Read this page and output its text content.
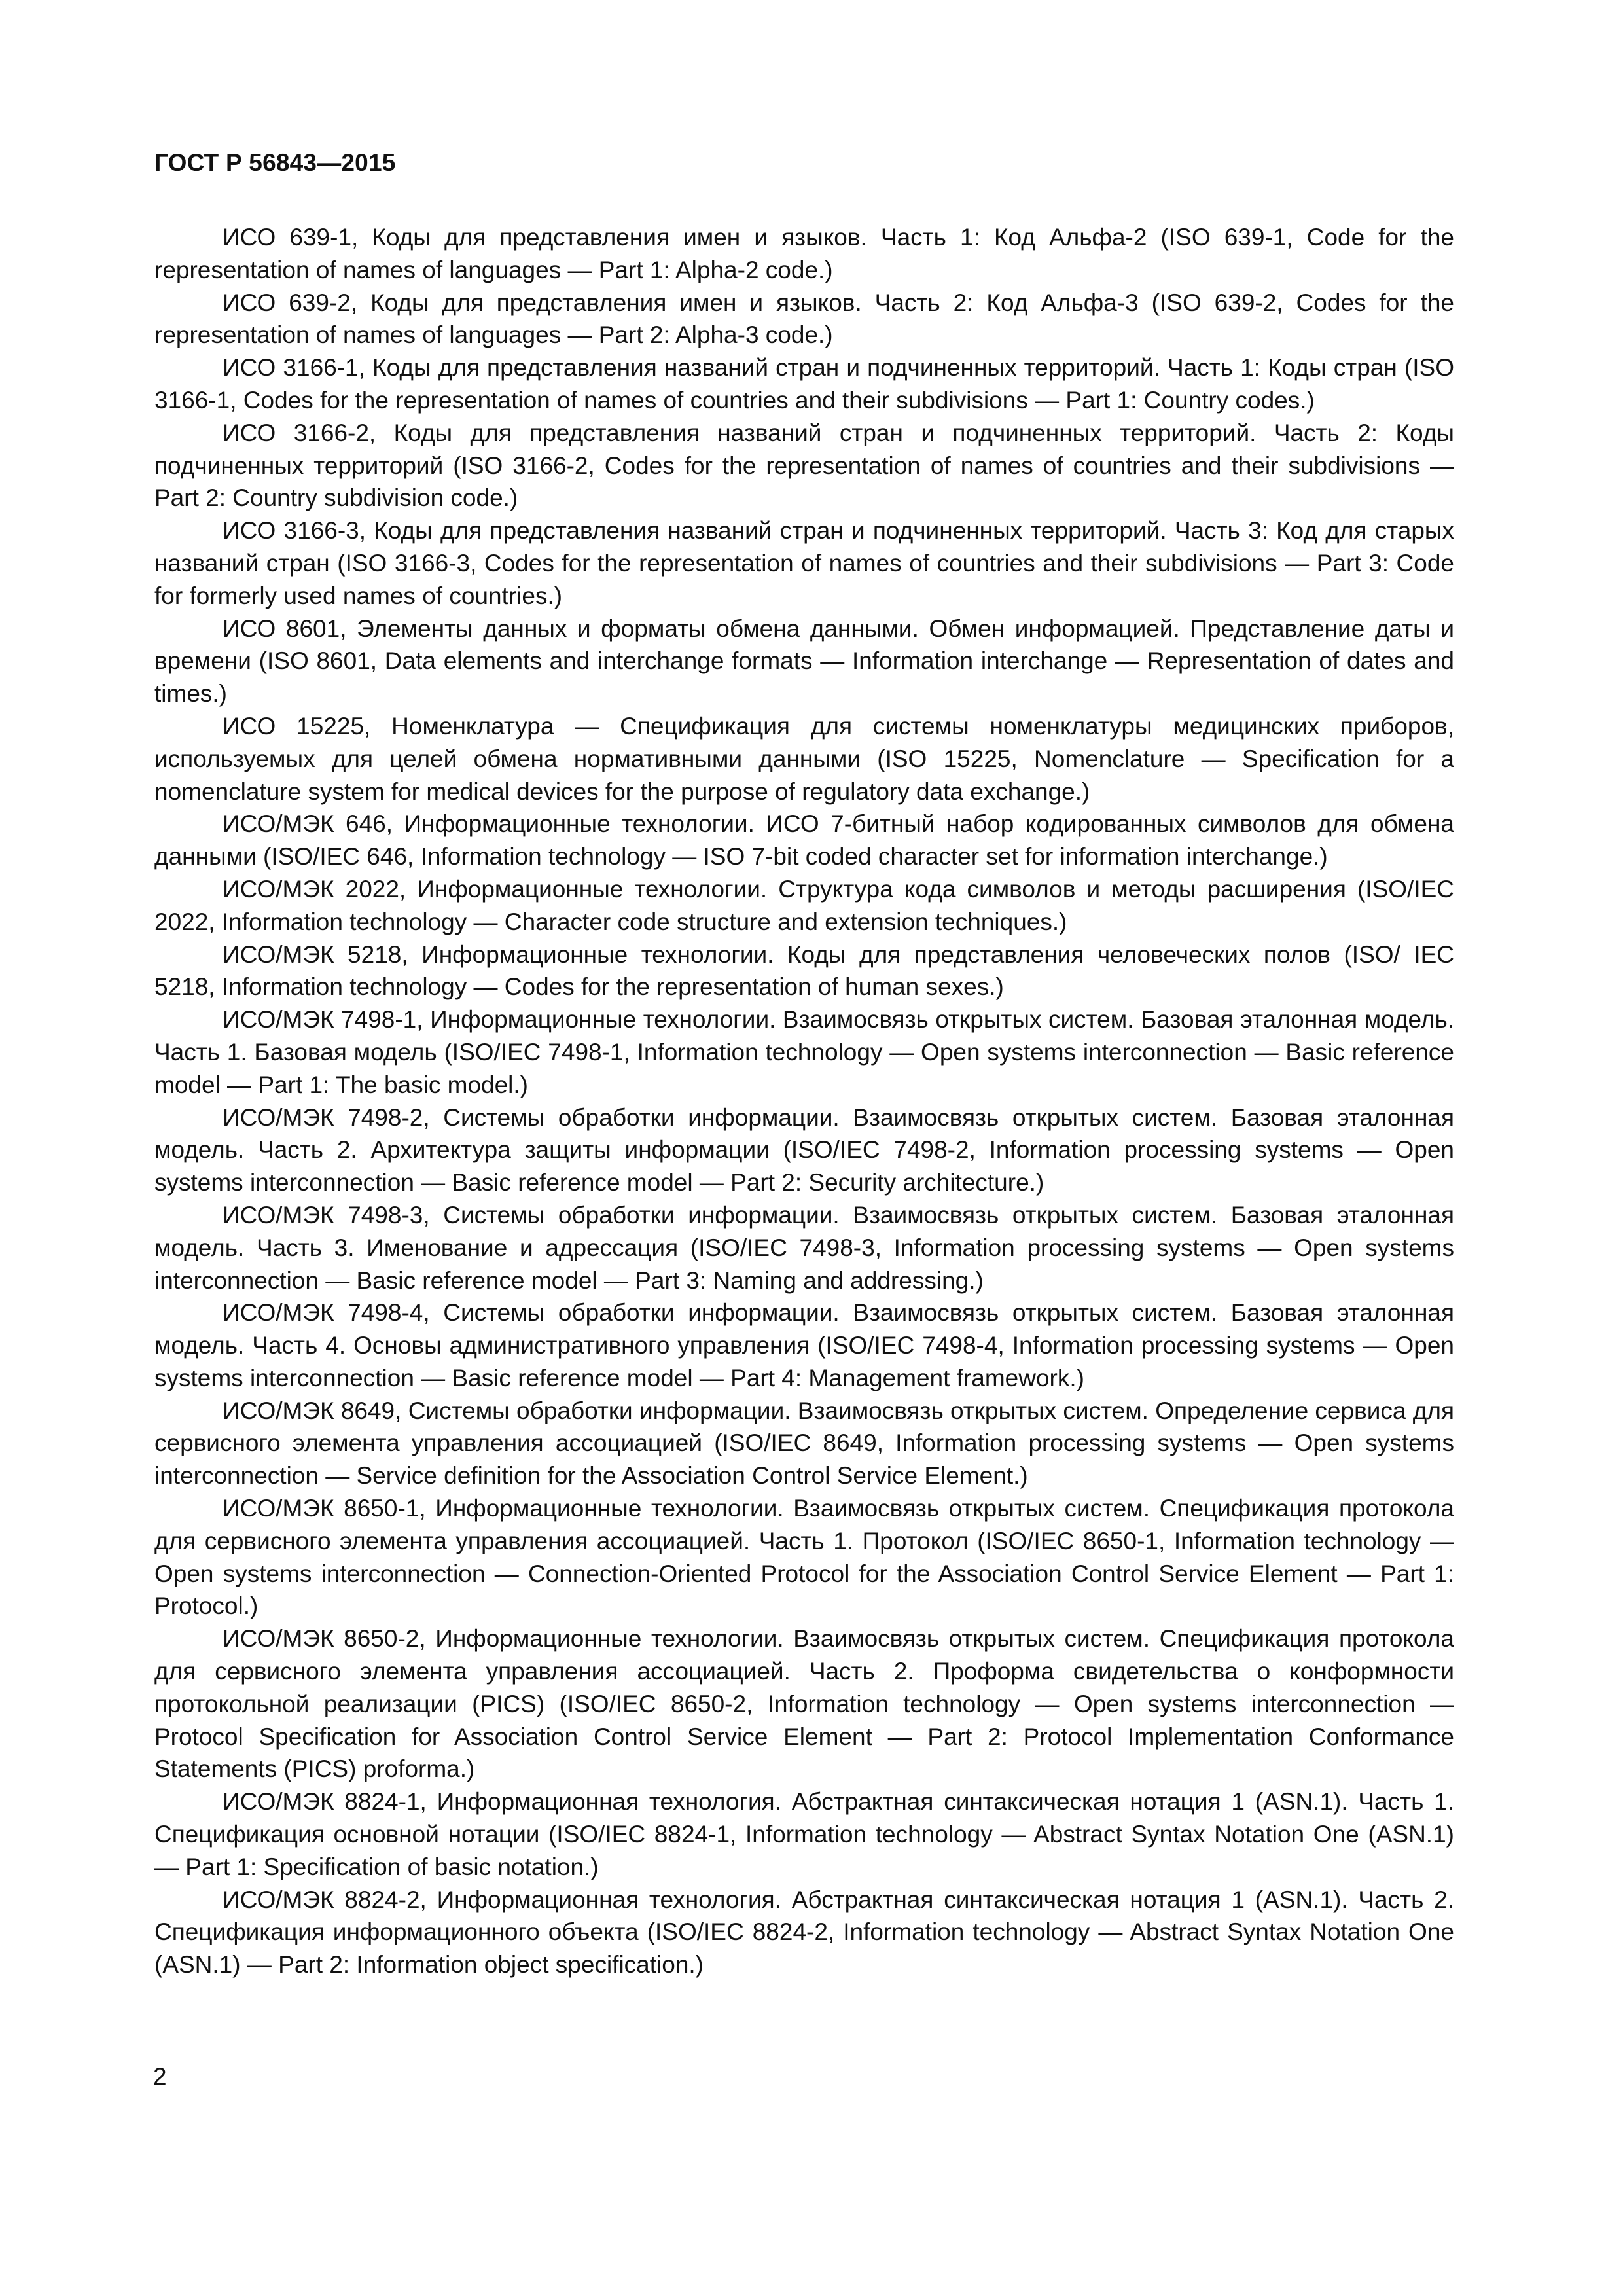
ГОСТ Р 56843—2015
ИСО 639-1, Коды для представления имен и языков. Часть 1: Код Альфа-2 (ISO 639-1, Code for the representation of names of languages — Part 1: Alpha-2 code.)
ИСО 639-2, Коды для представления имен и языков. Часть 2: Код Альфа-3 (ISO 639-2, Codes for the representation of names of languages — Part 2: Alpha-3 code.)
ИСО 3166-1, Коды для представления названий стран и подчиненных территорий. Часть 1: Коды стран (ISO 3166-1, Codes for the representation of names of countries and their subdivisions — Part 1: Country codes.)
ИСО 3166-2, Коды для представления названий стран и подчиненных территорий. Часть 2: Коды подчиненных территорий (ISO 3166-2, Codes for the representation of names of countries and their subdivisions — Part 2: Country subdivision code.)
ИСО 3166-3, Коды для представления названий стран и подчиненных территорий. Часть 3: Код для старых названий стран (ISO 3166-3, Codes for the representation of names of countries and their subdivisions — Part 3: Code for formerly used names of countries.)
ИСО 8601, Элементы данных и форматы обмена данными. Обмен информацией. Представление даты и времени (ISO 8601, Data elements and interchange formats — Information interchange — Representation of dates and times.)
ИСО 15225, Номенклатура — Спецификация для системы номенклатуры медицинских приборов, используемых для целей обмена нормативными данными (ISO 15225, Nomenclature — Specification for a nomenclature system for medical devices for the purpose of regulatory data exchange.)
ИСО/МЭК 646, Информационные технологии. ИСО 7-битный набор кодированных символов для обмена данными (ISO/IEC 646, Information technology — ISO 7-bit coded character set for information interchange.)
ИСО/МЭК 2022, Информационные технологии. Структура кода символов и методы расширения (ISO/IEC 2022, Information technology — Character code structure and extension techniques.)
ИСО/МЭК 5218, Информационные технологии. Коды для представления человеческих полов (ISO/ IEC 5218, Information technology — Codes for the representation of human sexes.)
ИСО/МЭК 7498-1, Информационные технологии. Взаимосвязь открытых систем. Базовая эталонная модель. Часть 1. Базовая модель (ISO/IEC 7498-1, Information technology — Open systems interconnection — Basic reference model — Part 1: The basic model.)
ИСО/МЭК 7498-2, Системы обработки информации. Взаимосвязь открытых систем. Базовая эталонная модель. Часть 2. Архитектура защиты информации (ISO/IEC 7498-2, Information processing systems — Open systems interconnection — Basic reference model — Part 2: Security architecture.)
ИСО/МЭК 7498-3, Системы обработки информации. Взаимосвязь открытых систем. Базовая эталонная модель. Часть 3. Именование и адрессация (ISO/IEC 7498-3, Information processing systems — Open systems interconnection — Basic reference model — Part 3: Naming and addressing.)
ИСО/МЭК 7498-4, Системы обработки информации. Взаимосвязь открытых систем. Базовая эталонная модель. Часть 4. Основы административного управления (ISO/IEC 7498-4, Information processing systems — Open systems interconnection — Basic reference model — Part 4: Management framework.)
ИСО/МЭК 8649, Системы обработки информации. Взаимосвязь открытых систем. Определение сервиса для сервисного элемента управления ассоциацией (ISO/IEC 8649, Information processing systems — Open systems interconnection — Service definition for the Association Control Service Element.)
ИСО/МЭК 8650-1, Информационные технологии. Взаимосвязь открытых систем. Спецификация протокола для сервисного элемента управления ассоциацией. Часть 1. Протокол (ISO/IEC 8650-1, Information technology — Open systems interconnection — Connection-Oriented Protocol for the Association Control Service Element — Part 1: Protocol.)
ИСО/МЭК 8650-2, Информационные технологии. Взаимосвязь открытых систем. Спецификация протокола для сервисного элемента управления ассоциацией. Часть 2. Проформа свидетельства о конформности протокольной реализации (PICS) (ISO/IEC 8650-2, Information technology — Open systems interconnection — Protocol Specification for Association Control Service Element — Part 2: Protocol Implementation Conformance Statements (PICS) proforma.)
ИСО/МЭК 8824-1, Информационная технология. Абстрактная синтаксическая нотация 1 (ASN.1). Часть 1. Спецификация основной нотации (ISO/IEC 8824-1, Information technology — Abstract Syntax Notation One (ASN.1) — Part 1: Specification of basic notation.)
ИСО/МЭК 8824-2, Информационная технология. Абстрактная синтаксическая нотация 1 (ASN.1). Часть 2. Спецификация информационного объекта (ISO/IEC 8824-2, Information technology — Abstract Syntax Notation One (ASN.1) — Part 2: Information object specification.)

2
